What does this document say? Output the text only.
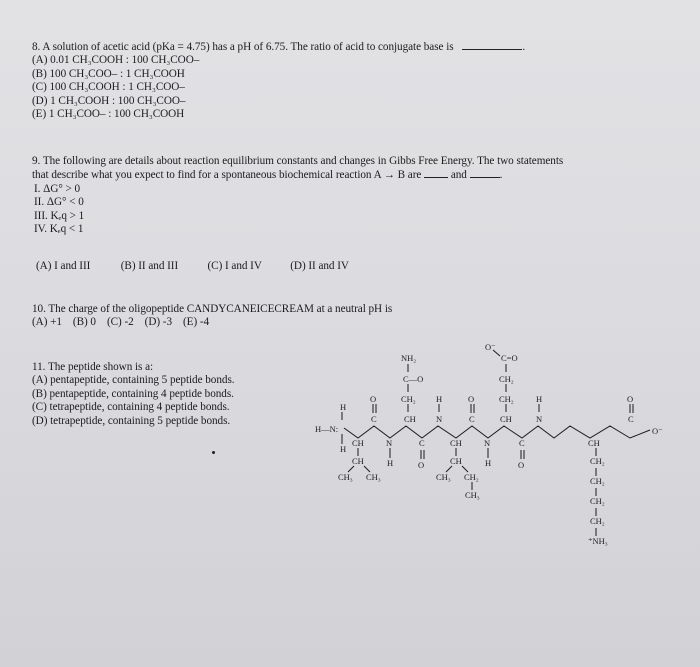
8. A solution of acetic acid (pKa = 4.75) has a pH of 6.75. The ratio of acid to conjugate base is	.
(A) 0.01 CH₃COOH : 100 CH₃COO–
(B) 100 CH₃COO– : 1 CH₃COOH
(C) 100 CH₃COOH : 1 CH₃COO–
(D) 1 CH₃COOH : 100 CH₃COO–
(E) 1 CH₃COO– : 100 CH₃COOH
9. The following are details about reaction equilibrium constants and changes in Gibbs Free Energy. The two statements
that describe what you expect to find for a spontaneous biochemical reaction A → B are	and	.
I. ΔG° > 0
II. ΔG° < 0
III. Kₑq > 1
IV. Kₑq < 1
(A) I and III	(B) II and III	(C) I and IV	(D) II and IV
10. The charge of the oligopeptide CANDYCANEICECREAM at a neutral pH is
(A) +1    (B) 0    (C) -2    (D) -3    (E) -4
11. The peptide shown is a:
(A) pentapeptide, containing 5 peptide bonds.
(B) pentapeptide, containing 4 peptide bonds.
(C) tetrapeptide, containing 4 peptide bonds.
(D) tetrapeptide, containing 5 peptide bonds.
H
H—N:
H
CH
CH
CH₃ CH₃
C
O
N
H
CH
CH₂
C—O
NH₂
C
O
N
H
CH
CH
CH₃ CH₂
CH₃
C
O
N
H
CH
CH₂
CH₂
C=O
O⁻
C
O
N
H
CH
CH₂
CH₂
CH₂
CH₂
⁺NH₃
C
O
O⁻
